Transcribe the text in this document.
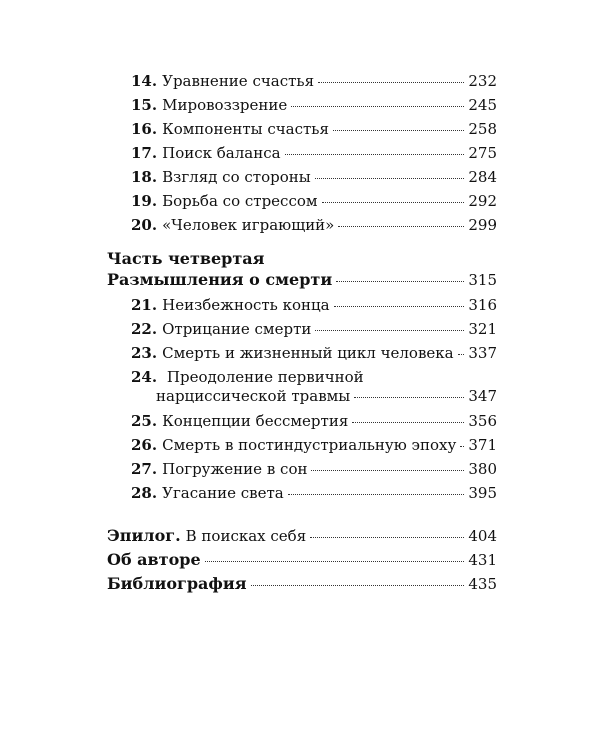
14. Уравнение счастья	232
15. Мировоззрение	245
16. Компоненты счастья	258
17. Поиск баланса	275
18. Взгляд со стороны	284
19. Борьба со стрессом	292
20. «Человек играющий»	299
Часть четвертая
Размышления о смерти	315
21. Неизбежность конца	316
22. Отрицание смерти	321
23. Смерть и жизненный цикл человека 337
24. Преодоление первичной
нарциссической травмы	347
25. Концепции бессмертия	356
26. Смерть в постиндустриальную эпоху 371
27. Погружение в сон	380
28. Угасание света	395
Эпилог. В поисках себя	404
Об авторе	431
Библиография	435
